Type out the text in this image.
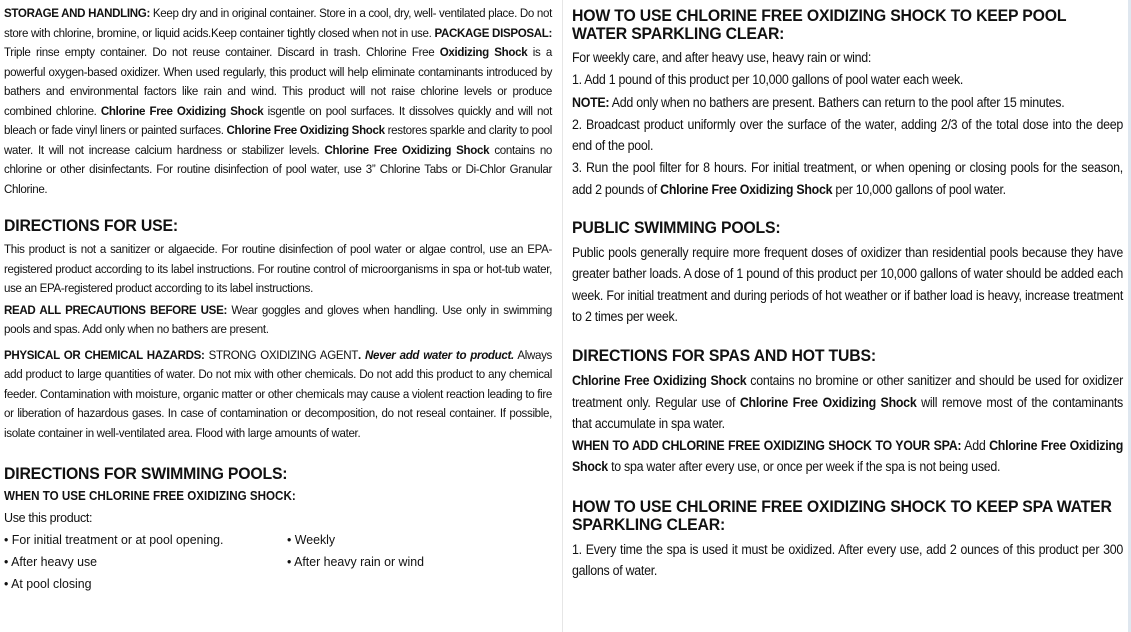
STORAGE AND HANDLING: Keep dry and in original container. Store in a cool, dry, well- ventilated place. Do not store with chlorine, bromine, or liquid acids.Keep container tightly closed when not in use. PACKAGE DISPOSAL: Triple rinse empty container. Do not reuse container. Discard in trash. Chlorine Free Oxidizing Shock is a powerful oxygen-based oxidizer. When used regularly, this product will help eliminate contaminants introduced by bathers and environmental factors like rain and wind. This product will not raise chlorine levels or produce combined chlorine. Chlorine Free Oxidizing Shock isgentle on pool surfaces. It dissolves quickly and will not bleach or fade vinyl liners or painted surfaces. Chlorine Free Oxidizing Shock restores sparkle and clarity to pool water. It will not increase calcium hardness or stabilizer levels. Chlorine Free Oxidizing Shock contains no chlorine or other disinfectants. For routine disinfection of pool water, use 3” Chlorine Tabs or Di-Chlor Granular Chlorine.

DIRECTIONS FOR USE:

This product is not a sanitizer or algaecide. For routine disinfection of pool water or algae control, use an EPA-registered product according to its label instructions. For routine control of microorganisms in spa or hot-tub water, use an EPA-registered product according to its label instructions.

READ ALL PRECAUTIONS BEFORE USE: Wear goggles and gloves when handling. Use only in swimming pools and spas. Add only when no bathers are present.

PHYSICAL OR CHEMICAL HAZARDS: STRONG OXIDIZING AGENT. Never add water to product. Always add product to large quantities of water. Do not mix with other chemicals. Do not add this product to any chemical feeder. Contamination with moisture, organic matter or other chemicals may cause a violent reaction leading to fire or liberation of hazardous gases. In case of contamination or decomposition, do not reseal container. If possible, isolate container in well-ventilated area. Flood with large amounts of water.

DIRECTIONS FOR SWIMMING POOLS:

WHEN TO USE CHLORINE FREE OXIDIZING SHOCK:

Use this product:

• For initial treatment or at pool opening.	• Weekly
• After heavy use	• After heavy rain or wind
• At pool closing
HOW TO USE CHLORINE FREE OXIDIZING SHOCK TO KEEP POOL WATER SPARKLING CLEAR:

For weekly care, and after heavy use, heavy rain or wind:

1. Add 1 pound of this product per 10,000 gallons of pool water each week.

NOTE: Add only when no bathers are present. Bathers can return to the pool after 15 minutes.

2. Broadcast product uniformly over the surface of the water, adding 2/3 of the total dose into the deep end of the pool.

3. Run the pool filter for 8 hours. For initial treatment, or when opening or closing pools for the season, add 2 pounds of Chlorine Free Oxidizing Shock per 10,000 gallons of pool water.

PUBLIC SWIMMING POOLS:

Public pools generally require more frequent doses of oxidizer than residential pools because they have greater bather loads. A dose of 1 pound of this product per 10,000 gallons of water should be added each week. For initial treatment and during periods of hot weather or if bather load is heavy, increase treatment to 2 times per week.

DIRECTIONS FOR SPAS AND HOT TUBS:

Chlorine Free Oxidizing Shock contains no bromine or other sanitizer and should be used for oxidizer treatment only. Regular use of Chlorine Free Oxidizing Shock will remove most of the contaminants that accumulate in spa water.

WHEN TO ADD CHLORINE FREE OXIDIZING SHOCK TO YOUR SPA: Add Chlorine Free Oxidizing Shock to spa water after every use, or once per week if the spa is not being used.

HOW TO USE CHLORINE FREE OXIDIZING SHOCK TO KEEP SPA WATER SPARKLING CLEAR:

1. Every time the spa is used it must be oxidized. After every use, add 2 ounces of this product per 300 gallons of water.
